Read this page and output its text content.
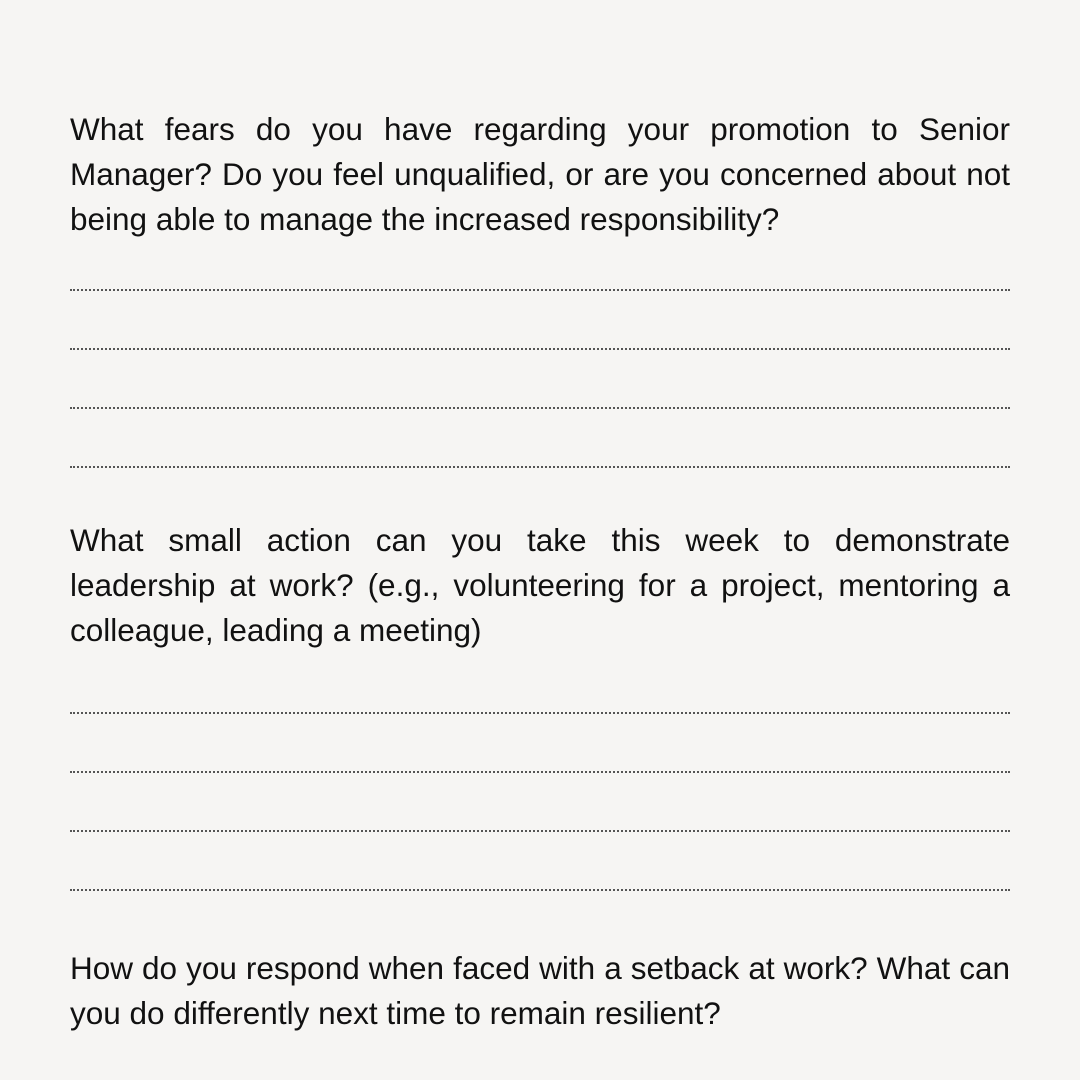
What fears do you have regarding your promotion to Senior Manager? Do you feel unqualified, or are you concerned about not being able to manage the increased responsibility?

What small action can you take this week to demonstrate leadership at work? (e.g., volunteering for a project, mentoring a colleague, leading a meeting)

How do you respond when faced with a setback at work? What can you do differently next time to remain resilient?
